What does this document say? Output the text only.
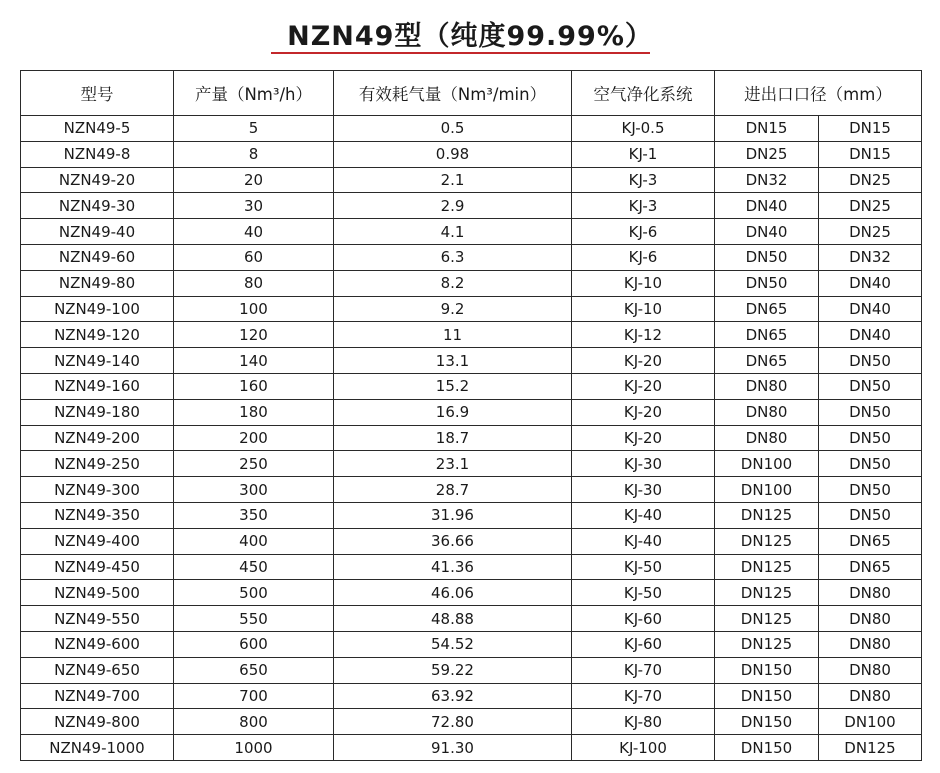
NZN49型（纯度99.99%）
型号	产量（Nm³/h）	有效耗气量（Nm³/min）	空气净化系统	进出口口径（mm）	
NZN49-5	5	0.5	KJ-0.5	DN15	DN15
NZN49-8	8	0.98	KJ-1	DN25	DN15
NZN49-20	20	2.1	KJ-3	DN32	DN25
NZN49-30	30	2.9	KJ-3	DN40	DN25
NZN49-40	40	4.1	KJ-6	DN40	DN25
NZN49-60	60	6.3	KJ-6	DN50	DN32
NZN49-80	80	8.2	KJ-10	DN50	DN40
NZN49-100	100	9.2	KJ-10	DN65	DN40
NZN49-120	120	11	KJ-12	DN65	DN40
NZN49-140	140	13.1	KJ-20	DN65	DN50
NZN49-160	160	15.2	KJ-20	DN80	DN50
NZN49-180	180	16.9	KJ-20	DN80	DN50
NZN49-200	200	18.7	KJ-20	DN80	DN50
NZN49-250	250	23.1	KJ-30	DN100	DN50
NZN49-300	300	28.7	KJ-30	DN100	DN50
NZN49-350	350	31.96	KJ-40	DN125	DN50
NZN49-400	400	36.66	KJ-40	DN125	DN65
NZN49-450	450	41.36	KJ-50	DN125	DN65
NZN49-500	500	46.06	KJ-50	DN125	DN80
NZN49-550	550	48.88	KJ-60	DN125	DN80
NZN49-600	600	54.52	KJ-60	DN125	DN80
NZN49-650	650	59.22	KJ-70	DN150	DN80
NZN49-700	700	63.92	KJ-70	DN150	DN80
NZN49-800	800	72.80	KJ-80	DN150	DN100
NZN49-1000	1000	91.30	KJ-100	DN150	DN125
